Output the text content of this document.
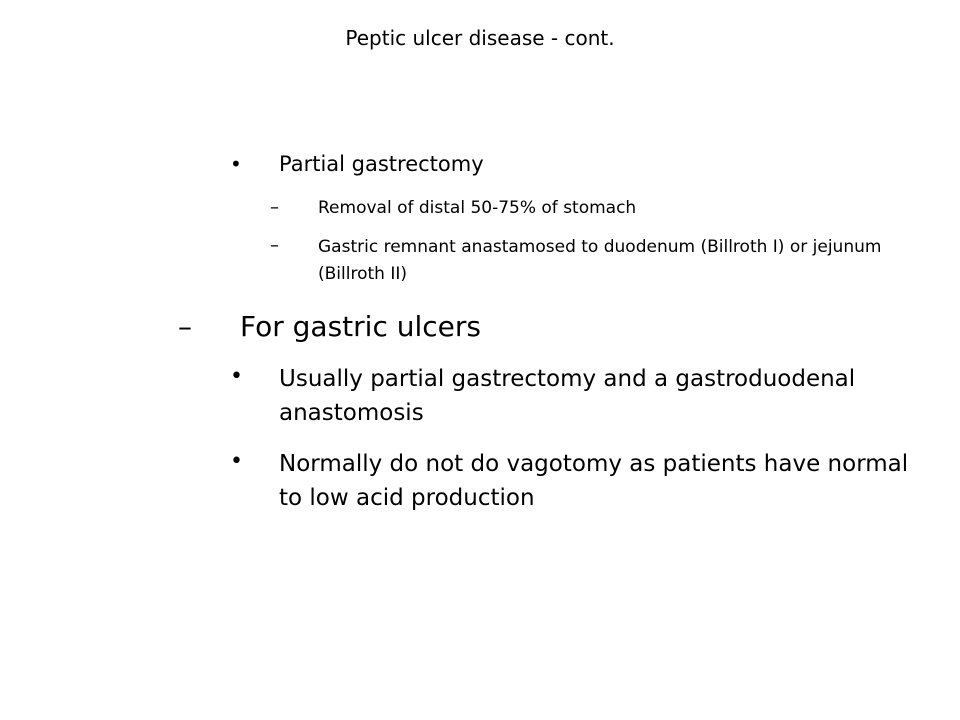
Peptic ulcer disease - cont.
• Partial gastrectomy
– Removal of distal 50-75% of stomach
– Gastric remnant anastamosed to duodenum (Billroth I) or jejunum (Billroth II)
– For gastric ulcers
• Usually partial gastrectomy and a gastroduodenal anastomosis
• Normally do not do vagotomy as patients have normal to low acid production
